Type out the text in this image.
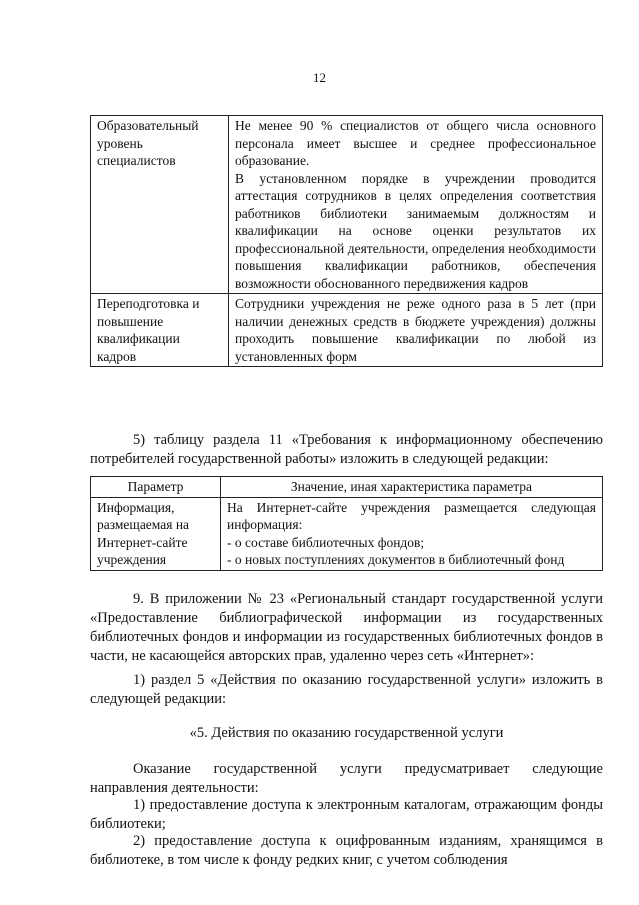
12
Образовательный уровень специалистов	Не менее 90 % специалистов от общего числа основного персонала имеет высшее и среднее профессиональное образование.
В установленном порядке в учреждении проводится аттестация сотрудников в целях определения соответствия работников библиотеки занимаемым должностям и квалификации на основе оценки результатов их профессиональной деятельности, определения необходимости повышения квалификации работников, обеспечения возможности обоснованного передвижения кадров

Переподготовка и повышение квалификации кадров	Сотрудники учреждения не реже одного раза в 5 лет (при наличии денежных средств в бюджете учреждения) должны проходить повышение квалификации по любой из установленных форм
5) таблицу раздела 11 «Требования к информационному обеспечению потребителей государственной работы» изложить в следующей редакции:
Параметр	Значение, иная характеристика параметра

Информация, размещаемая на Интернет-сайте учреждения	На Интернет-сайте учреждения размещается следующая информация:
- о составе библиотечных фондов;
- о новых поступлениях документов в библиотечный фонд
9. В приложении № 23 «Региональный стандарт государственной услуги «Предоставление библиографической информации из государственных библиотечных фондов и информации из государственных библиотечных фондов в части, не касающейся авторских прав, удаленно через сеть «Интернет»:
1) раздел 5 «Действия по оказанию государственной услуги» изложить в следующей редакции:
«5. Действия по оказанию государственной услуги
Оказание государственной услуги предусматривает следующие направления деятельности:
1) предоставление доступа к электронным каталогам, отражающим фонды библиотеки;
2) предоставление доступа к оцифрованным изданиям, хранящимся в библиотеке, в том числе к фонду редких книг, с учетом соблюдения
